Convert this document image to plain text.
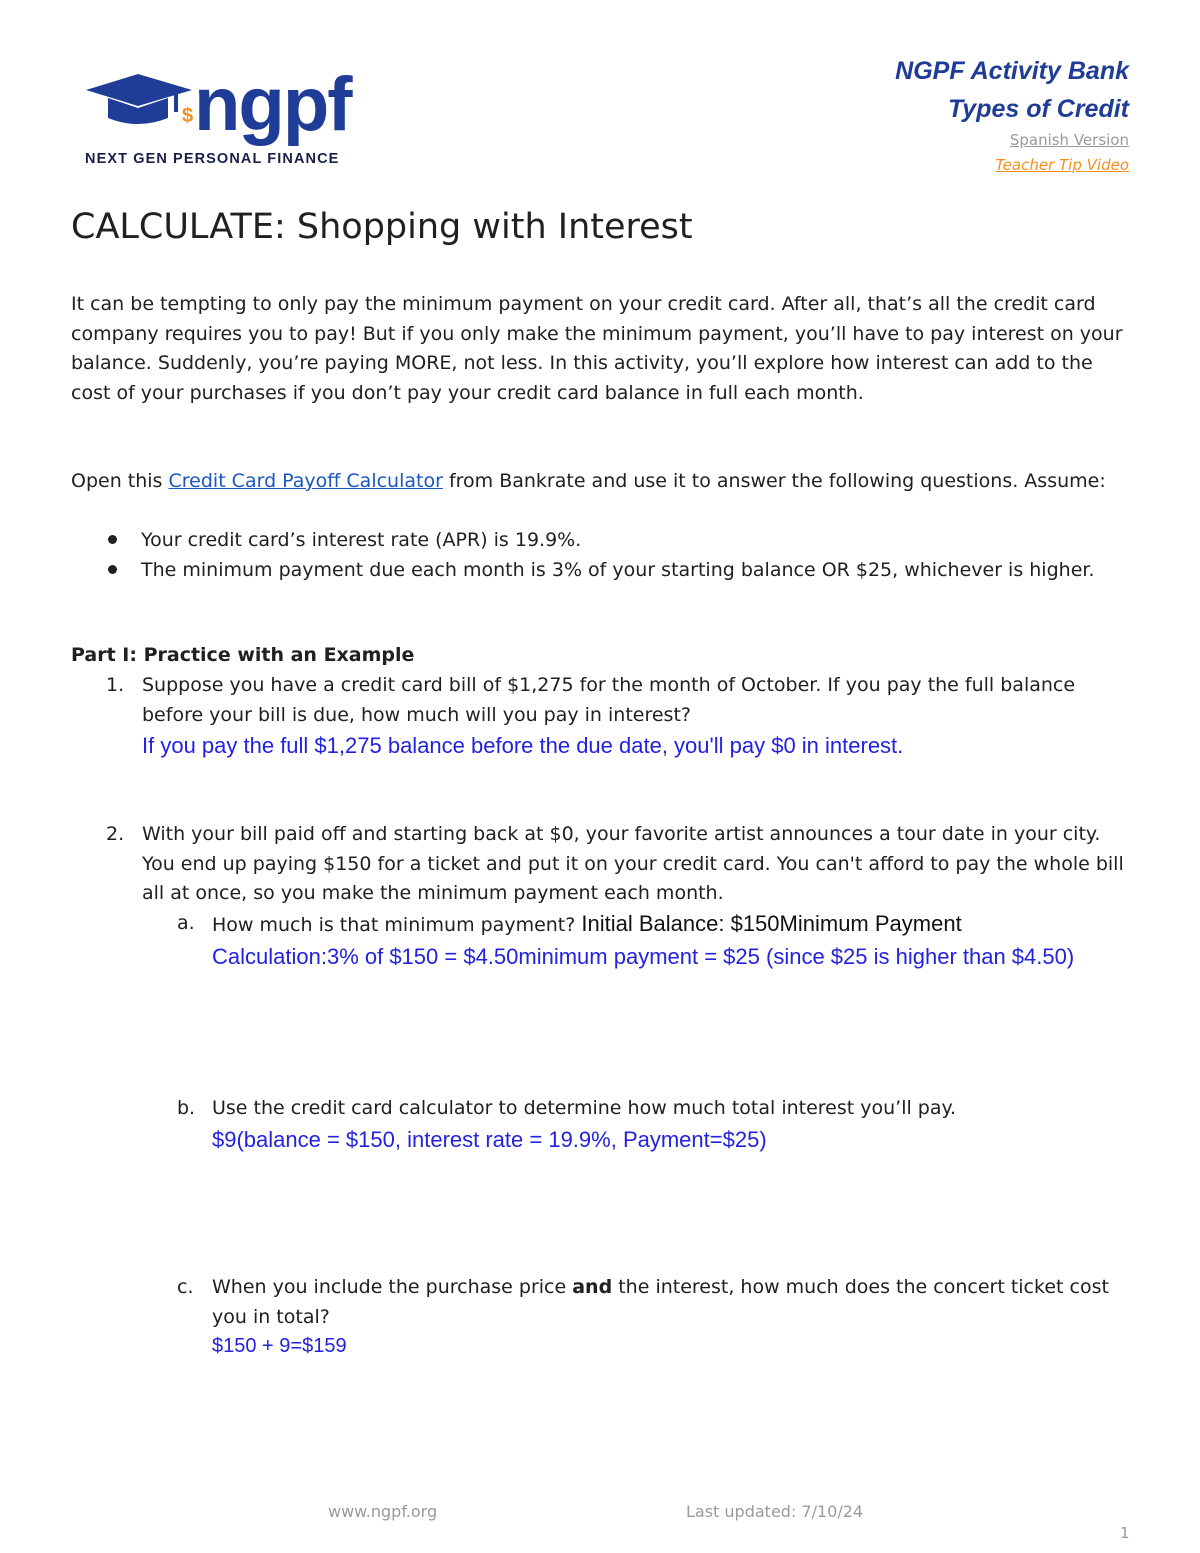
$ ngpf
NEXT GEN PERSONAL FINANCE
NGPF Activity Bank
Types of Credit
Spanish Version
Teacher Tip Video
CALCULATE: Shopping with Interest
It can be tempting to only pay the minimum payment on your credit card. After all, that’s all the credit card company requires you to pay! But if you only make the minimum payment, you’ll have to pay interest on your balance. Suddenly, you’re paying MORE, not less. In this activity, you’ll explore how interest can add to the cost of your purchases if you don’t pay your credit card balance in full each month.
Open this Credit Card Payoff Calculator from Bankrate and use it to answer the following questions. Assume:
Your credit card’s interest rate (APR) is 19.9%.
The minimum payment due each month is 3% of your starting balance OR $25, whichever is higher.
Part I: Practice with an Example
1. Suppose you have a credit card bill of $1,275 for the month of October. If you pay the full balance before your bill is due, how much will you pay in interest?
If you pay the full $1,275 balance before the due date, you'll pay $0 in interest.
2. With your bill paid off and starting back at $0, your favorite artist announces a tour date in your city. You end up paying $150 for a ticket and put it on your credit card. You can't afford to pay the whole bill all at once, so you make the minimum payment each month.
a. How much is that minimum payment? Initial Balance: $150Minimum Payment
Calculation:3% of $150 = $4.50minimum payment = $25 (since $25 is higher than $4.50)
b. Use the credit card calculator to determine how much total interest you’ll pay.
$9(balance = $150, interest rate = 19.9%, Payment=$25)
c. When you include the purchase price and the interest, how much does the concert ticket cost you in total?
$150 + 9=$159
www.ngpf.org	Last updated: 7/10/24
1
